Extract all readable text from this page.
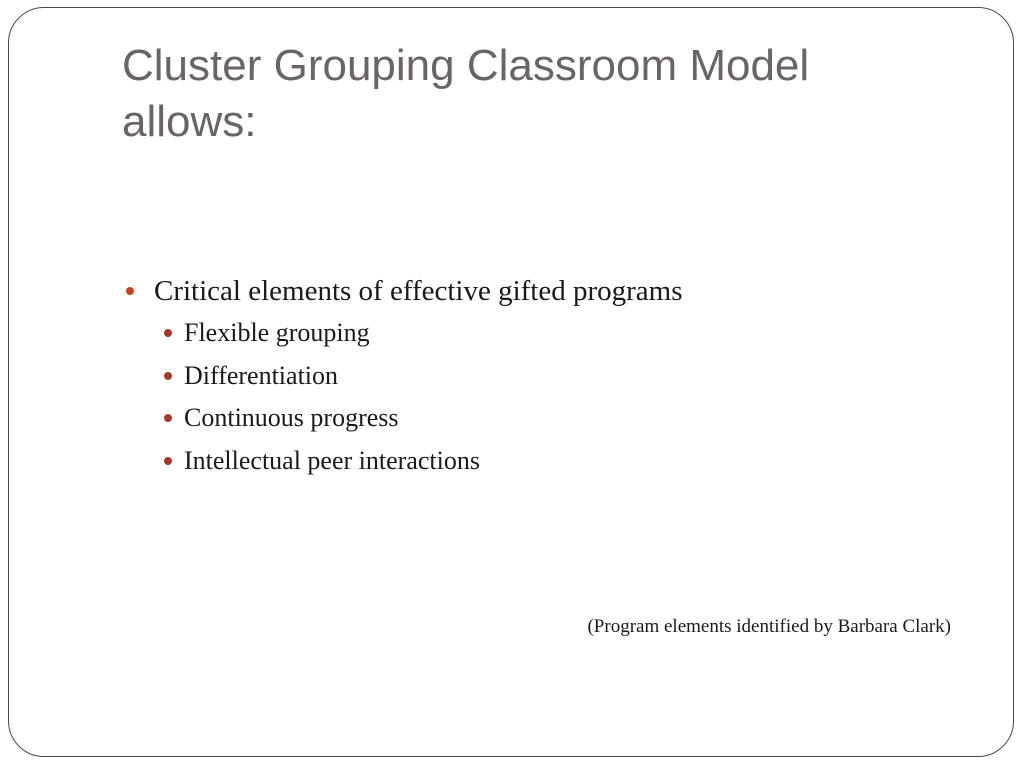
Cluster Grouping Classroom Model allows:
Critical elements of effective gifted programs
Flexible grouping
Differentiation
Continuous progress
Intellectual peer interactions

(Program elements identified by Barbara Clark)
